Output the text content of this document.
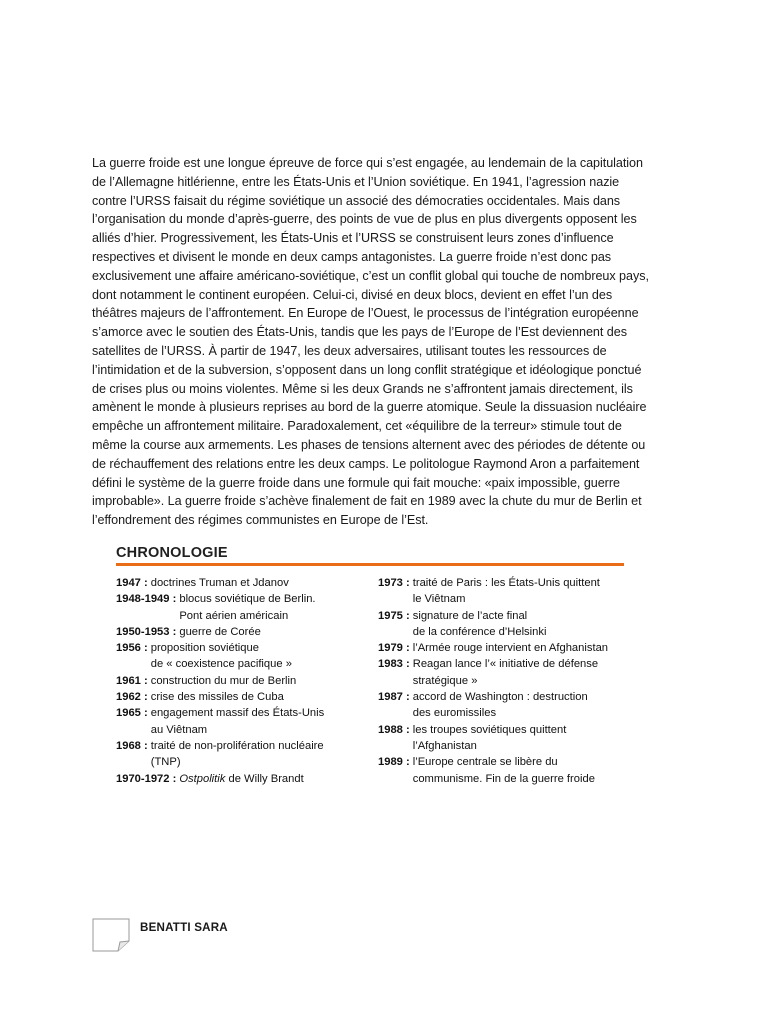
La guerre froide est une longue épreuve de force qui s’est engagée, au lendemain de la capitulation
de l’Allemagne hitlérienne, entre les États-Unis et l’Union soviétique. En 1941, l’agression nazie
contre l’URSS faisait du régime soviétique un associé des démocraties occidentales. Mais dans
l’organisation du monde d’après-guerre, des points de vue de plus en plus divergents opposent les
alliés d’hier. Progressivement, les États-Unis et l’URSS se construisent leurs zones d’influence
respectives et divisent le monde en deux camps antagonistes. La guerre froide n’est donc pas
exclusivement une affaire américano-soviétique, c’est un conflit global qui touche de nombreux pays,
dont notamment le continent européen. Celui-ci, divisé en deux blocs, devient en effet l’un des
théâtres majeurs de l’affrontement. En Europe de l’Ouest, le processus de l’intégration européenne
s’amorce avec le soutien des États-Unis, tandis que les pays de l’Europe de l’Est deviennent des
satellites de l’URSS. À partir de 1947, les deux adversaires, utilisant toutes les ressources de
l’intimidation et de la subversion, s’opposent dans un long conflit stratégique et idéologique ponctué
de crises plus ou moins violentes. Même si les deux Grands ne s’affrontent jamais directement, ils
amènent le monde à plusieurs reprises au bord de la guerre atomique. Seule la dissuasion nucléaire
empêche un affrontement militaire. Paradoxalement, cet «équilibre de la terreur» stimule tout de
même la course aux armements. Les phases de tensions alternent avec des périodes de détente ou
de réchauffement des relations entre les deux camps. Le politologue Raymond Aron a parfaitement
défini le système de la guerre froide dans une formule qui fait mouche: «paix impossible, guerre
improbable». La guerre froide s’achève finalement de fait en 1989 avec la chute du mur de Berlin et
l’effondrement des régimes communistes en Europe de l’Est.
CHRONOLOGIE
1947 : doctrines Truman et Jdanov
1948-1949 : blocus soviétique de Berlin.
Pont aérien américain
1950-1953 : guerre de Corée
1956 : proposition soviétique
de « coexistence pacifique »
1961 : construction du mur de Berlin
1962 : crise des missiles de Cuba
1965 : engagement massif des États-Unis
au Viêtnam
1968 : traité de non-prolifération nucléaire
(TNP)
1970-1972 : Ostpolitik de Willy Brandt
1973 : traité de Paris : les États-Unis quittent
le Viêtnam
1975 : signature de l’acte final
de la conférence d’Helsinki
1979 : l’Armée rouge intervient en Afghanistan
1983 : Reagan lance l’« initiative de défense
stratégique »
1987 : accord de Washington : destruction
des euromissiles
1988 : les troupes soviétiques quittent
l’Afghanistan
1989 : l’Europe centrale se libère du
communisme. Fin de la guerre froide
BENATTI SARA
